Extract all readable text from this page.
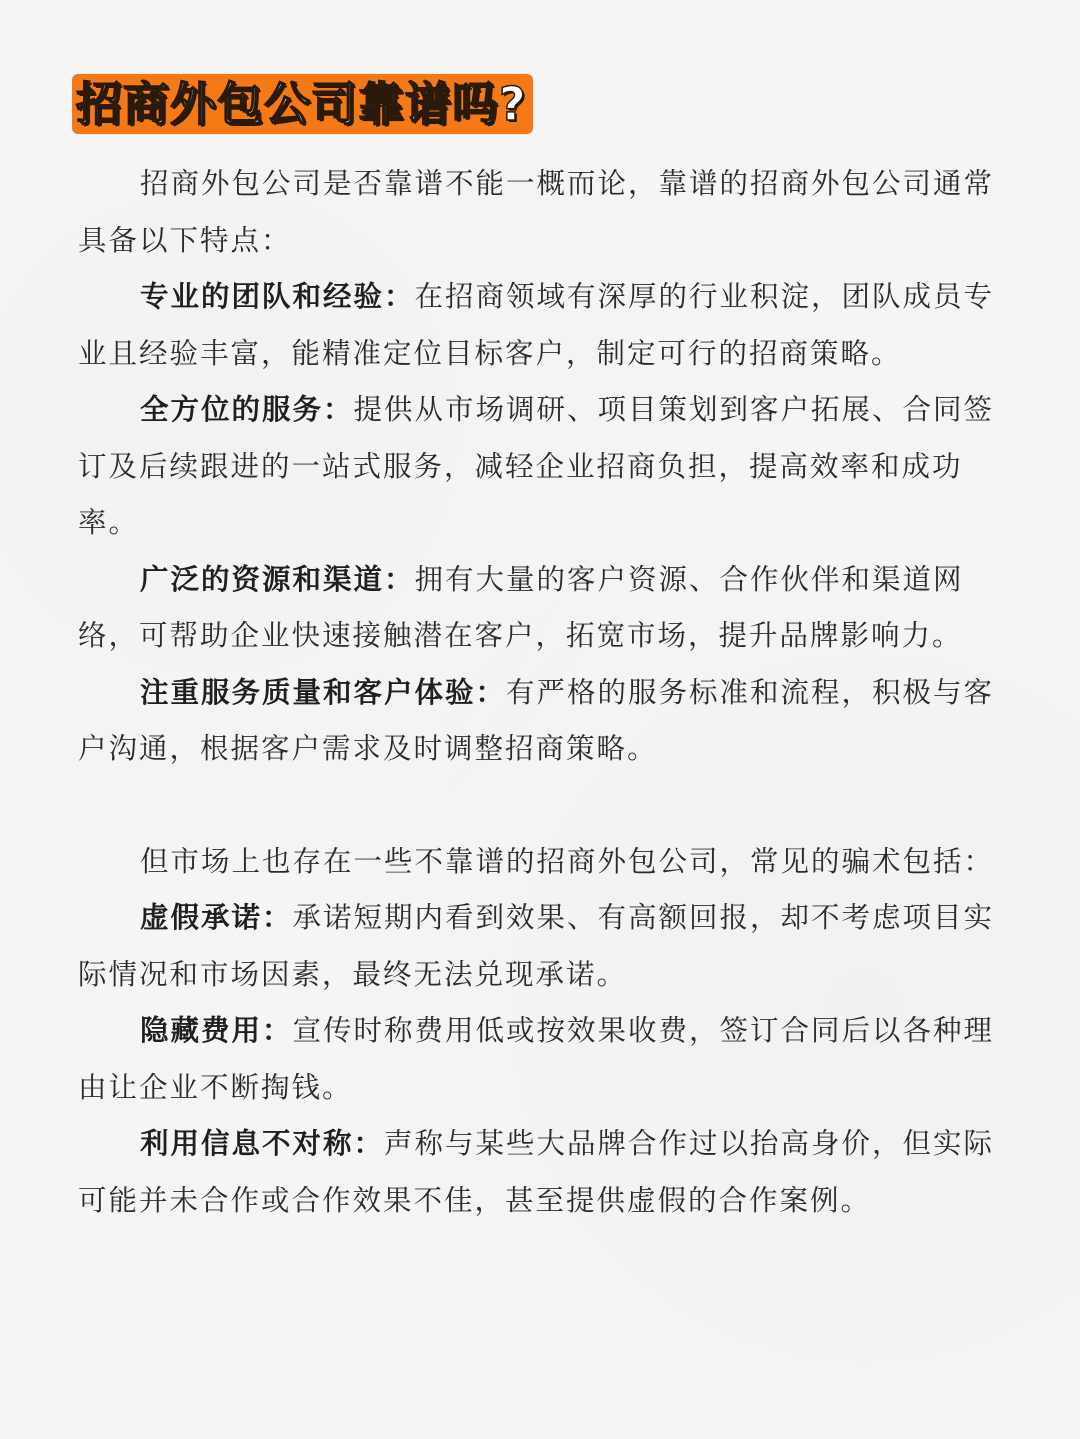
招商外包公司靠谱吗?

招商外包公司是否靠谱不能一概而论，靠谱的招商外包公司通常具备以下特点：

专业的团队和经验：在招商领域有深厚的行业积淀，团队成员专业且经验丰富，能精准定位目标客户，制定可行的招商策略。

全方位的服务：提供从市场调研、项目策划到客户拓展、合同签订及后续跟进的一站式服务，减轻企业招商负担，提高效率和成功率。

广泛的资源和渠道：拥有大量的客户资源、合作伙伴和渠道网络，可帮助企业快速接触潜在客户，拓宽市场，提升品牌影响力。

注重服务质量和客户体验：有严格的服务标准和流程，积极与客户沟通，根据客户需求及时调整招商策略。

但市场上也存在一些不靠谱的招商外包公司，常见的骗术包括：

虚假承诺：承诺短期内看到效果、有高额回报，却不考虑项目实际情况和市场因素，最终无法兑现承诺。

隐藏费用：宣传时称费用低或按效果收费，签订合同后以各种理由让企业不断掏钱。

利用信息不对称：声称与某些大品牌合作过以抬高身价，但实际可能并未合作或合作效果不佳，甚至提供虚假的合作案例。
